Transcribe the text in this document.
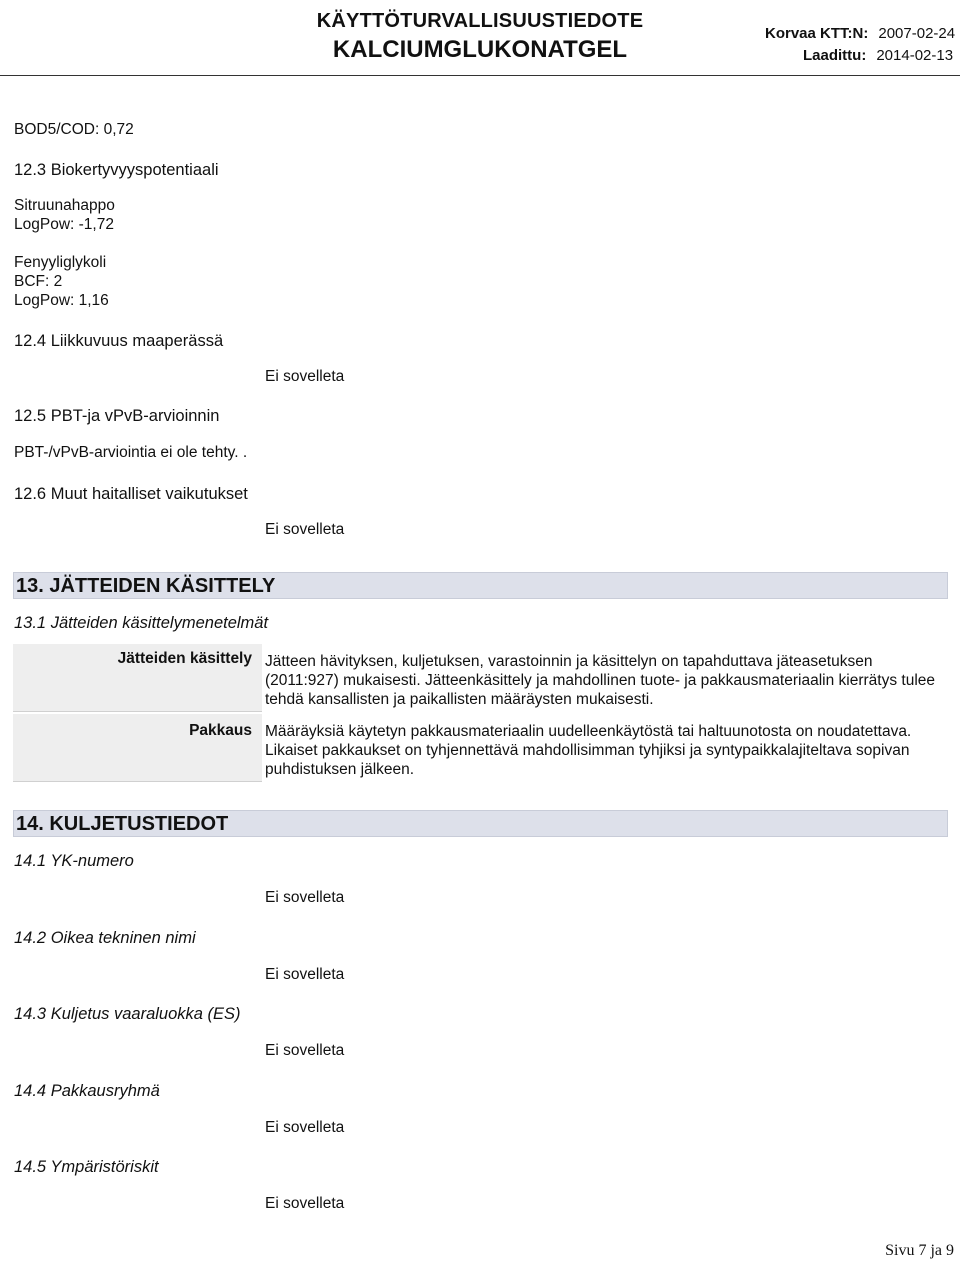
KÄYTTÖTURVALLISUUSTIEDOTE
KALCIUMGLUKONATGEL
Korvaa KTT:N: 2007-02-24
Laadittu: 2014-02-13
BOD5/COD: 0,72
12.3 Biokertyvyyspotentiaali
Sitruunahappo
LogPow: -1,72
Fenyyliglykoli
BCF: 2
LogPow: 1,16
12.4 Liikkuvuus maaperässä
Ei sovelleta
12.5 PBT-ja vPvB-arvioinnin
PBT-/vPvB-arviointia ei ole tehty. .
12.6 Muut haitalliset vaikutukset
Ei sovelleta
13. JÄTTEIDEN KÄSITTELY
13.1 Jätteiden käsittelymenetelmät
Jätteiden käsittely Jätteen hävityksen, kuljetuksen, varastoinnin ja käsittelyn on tapahduttava jäteasetuksen (2011:927) mukaisesti. Jätteenkäsittely ja mahdollinen tuote- ja pakkausmateriaalin kierrätys tulee tehdä kansallisten ja paikallisten määräysten mukaisesti.
Pakkaus Määräyksiä käytetyn pakkausmateriaalin uudelleenkäytöstä tai haltuunotosta on noudatettava. Likaiset pakkaukset on tyhjennettävä mahdollisimman tyhjiksi ja syntypaikkalajiteltava sopivan puhdistuksen jälkeen.
14. KULJETUSTIEDOT
14.1 YK-numero
Ei sovelleta
14.2 Oikea tekninen nimi
Ei sovelleta
14.3 Kuljetus vaaraluokka (ES)
Ei sovelleta
14.4 Pakkausryhmä
Ei sovelleta
14.5 Ympäristöriskit
Ei sovelleta
Sivu 7 ja 9
